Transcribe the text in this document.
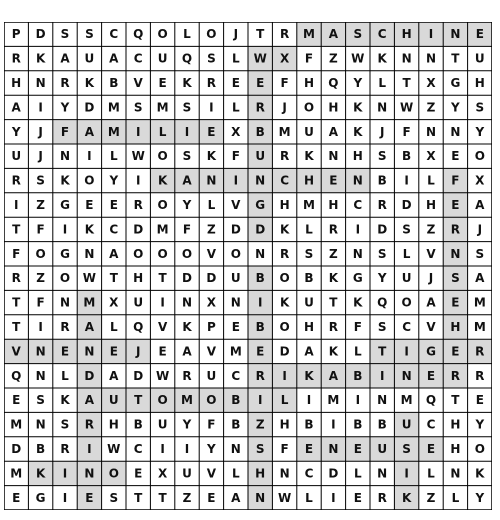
P D S S C Q O L O J T R M A S C H I N E
R K A U A C U Q S L W X F Z W K N N T U
H N R K B V E K R E E F H Q Y L T X G H
A I Y D M S M S I L R J O H K N W Z Y S
Y J F A M I L I E X B M U A K J F N N Y
U J N I L W O S K F U R K N H S B X E O
R S K O Y I K A N I N C H E N B I L F X
I Z G E E R O Y L V G H M H C R D H E A
T F I K C D M F Z D D K L R I D S Z R J
F O G N A O O O V O N R S Z N S L V N S
R Z O W T H T D D U B O B K G Y U J S A
T F N M X U I N X N I K U T K Q O A E M
T I R A L Q V K P E B O H R F S C V H M
V N E N E J E A V M E D A K L T I G E R
Q N L D A D W R U C R I K A B I N E R R
E S K A U T O M O B I L I M I N M Q T E
M N S R H B U Y F B Z H B I B B U C H Y
D B R I W C I I Y N S F E N E U S E H O
M K I N O E X U V L H N C D L N I L N K
E G I E S T T Z E A N W L I E R K Z L Y
